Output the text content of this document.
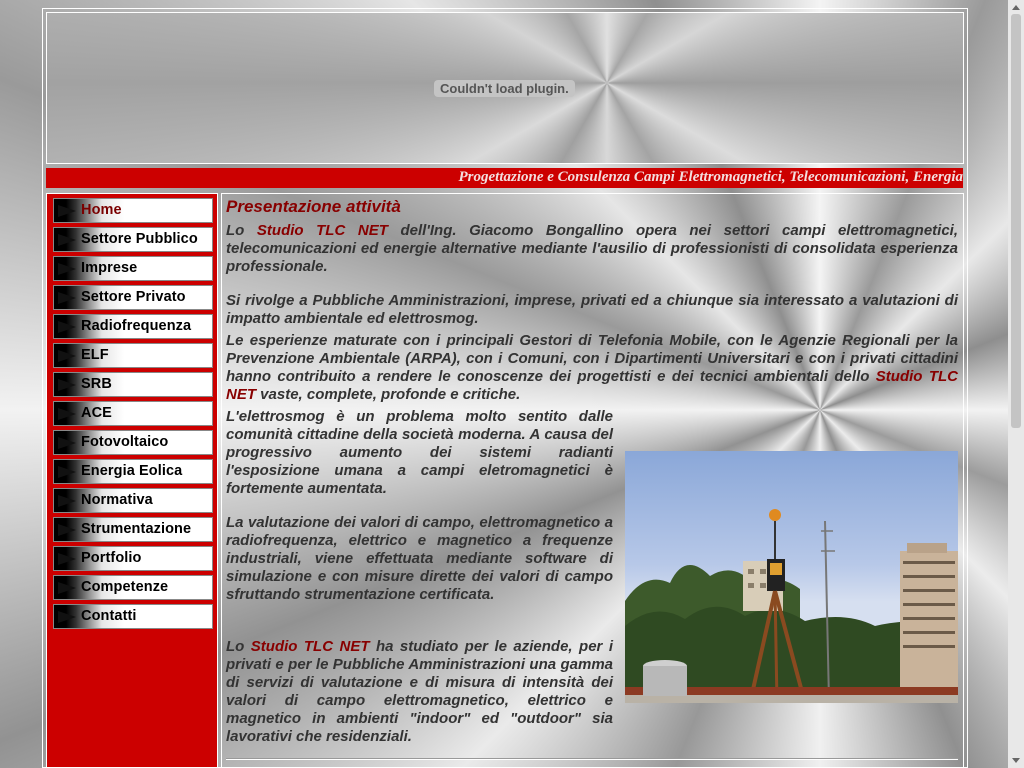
Couldn't load plugin.
Progettazione e Consulenza Campi Elettromagnetici, Telecomunicazioni, Energia
Home
Settore Pubblico
Imprese
Settore Privato
Radiofrequenza
ELF
SRB
ACE
Fotovoltaico
Energia Eolica
Normativa
Strumentazione
Portfolio
Competenze
Contatti
Presentazione attività

Lo Studio TLC NET dell'Ing. Giacomo Bongallino opera nei settori campi elettromagnetici, telecomunicazioni ed energie alternative mediante l'ausilio di professionisti di consolidata esperienza professionale.

Si rivolge a Pubbliche Amministrazioni, imprese, privati ed a chiunque sia interessato a valutazioni di impatto ambientale ed elettrosmog.

Le esperienze maturate con i principali Gestori di Telefonia Mobile, con le Agenzie Regionali per la Prevenzione Ambientale (ARPA), con i Comuni, con i Dipartimenti Universitari e con i privati cittadini hanno contribuito a rendere le conoscenze dei progettisti e dei tecnici ambientali dello Studio TLC NET vaste, complete, profonde e critiche.

L'elettrosmog è un problema molto sentito dalle comunità cittadine della società moderna. A causa del progressivo aumento dei sistemi radianti l'esposizione umana a campi eletromagnetici è fortemente aumentata.

La valutazione dei valori di campo, elettromagnetico a radiofrequenza, elettrico e magnetico a frequenze industriali, viene effettuata mediante software di simulazione e con misure dirette dei valori di campo sfruttando strumentazione certificata.

Lo Studio TLC NET ha studiato per le aziende, per i privati e per le Pubbliche Amministrazioni una gamma di servizi di valutazione e di misura di intensità dei valori di campo elettromagnetico, elettrico e magnetico in ambienti "indoor" ed "outdoor" sia lavorativi che residenziali.
